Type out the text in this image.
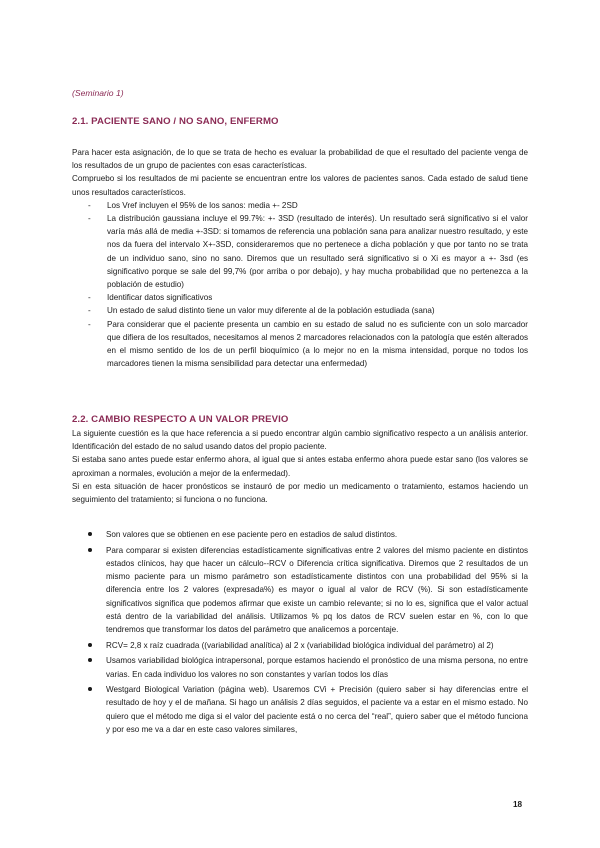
(Seminario 1)
2.1. PACIENTE SANO / NO SANO, ENFERMO

Para hacer esta asignación, de lo que se trata de hecho es evaluar la probabilidad de que el resultado del paciente venga de los resultados de un grupo de pacientes con esas características.

Compruebo si los resultados de mi paciente se encuentran entre los valores de pacientes sanos. Cada estado de salud tiene unos resultados característicos.

- Los Vref incluyen el 95% de los sanos: media +- 2SD
- La distribución gaussiana incluye el 99.7%: +- 3SD (resultado de interés). Un resultado será significativo si el valor varía más allá de media +-3SD: si tomamos de referencia una población sana para analizar nuestro resultado, y este nos da fuera del intervalo X+-3SD, consideraremos que no pertenece a dicha población y que por tanto no se trata de un individuo sano, sino no sano. Diremos que un resultado será significativo si o Xi es mayor a +- 3sd (es significativo porque se sale del 99,7% (por arriba o por debajo), y hay mucha probabilidad que no pertenezca a la población de estudio)
- Identificar datos significativos
- Un estado de salud distinto tiene un valor muy diferente al de la población estudiada (sana)
- Para considerar que el paciente presenta un cambio en su estado de salud no es suficiente con un solo marcador que difiera de los resultados, necesitamos al menos 2 marcadores relacionados con la patología que estén alterados en el mismo sentido de los de un perfil bioquímico (a lo mejor no en la misma intensidad, porque no todos los marcadores tienen la misma sensibilidad para detectar una enfermedad)
2.2. CAMBIO RESPECTO A UN VALOR PREVIO

La siguiente cuestión es la que hace referencia a si puedo encontrar algún cambio significativo respecto a un análisis anterior. Identificación del estado de no salud usando datos del propio paciente.

Si estaba sano antes puede estar enfermo ahora, al igual que si antes estaba enfermo ahora puede estar sano (los valores se aproximan a normales, evolución a mejor de la enfermedad).

Si en esta situación de hacer pronósticos se instauró de por medio un medicamento o tratamiento, estamos haciendo un seguimiento del tratamiento; si funciona o no funciona.

Son valores que se obtienen en ese paciente pero en estadios de salud distintos.
Para comparar si existen diferencias estadísticamente significativas entre 2 valores del mismo paciente en distintos estados clínicos, hay que hacer un cálculo--RCV o Diferencia crítica significativa. Diremos que 2 resultados de un mismo paciente para un mismo parámetro son estadísticamente distintos con una probabilidad del 95% si la diferencia entre los 2 valores (expresada%) es mayor o igual al valor de RCV (%). Si son estadísticamente significativos significa que podemos afirmar que existe un cambio relevante; si no lo es, significa que el valor actual está dentro de la variabilidad del análisis. Utilizamos % pq los datos de RCV suelen estar en %, con lo que tendremos que transformar los datos del parámetro que analicemos a porcentaje.
RCV= 2,8 x raíz cuadrada ((variabilidad analítica) al 2 x (variabilidad biológica individual del parámetro) al 2)
Usamos variabilidad biológica intrapersonal, porque estamos haciendo el pronóstico de una misma persona, no entre varias. En cada individuo los valores no son constantes y varían todos los días
Westgard Biological Variation (página web). Usaremos CVi + Precisión (quiero saber si hay diferencias entre el resultado de hoy y el de mañana. Si hago un análisis 2 días seguidos, el paciente va a estar en el mismo estado. No quiero que el método me diga si el valor del paciente está o no cerca del “real”, quiero saber que el método funciona y por eso me va a dar en este caso valores similares,
18
